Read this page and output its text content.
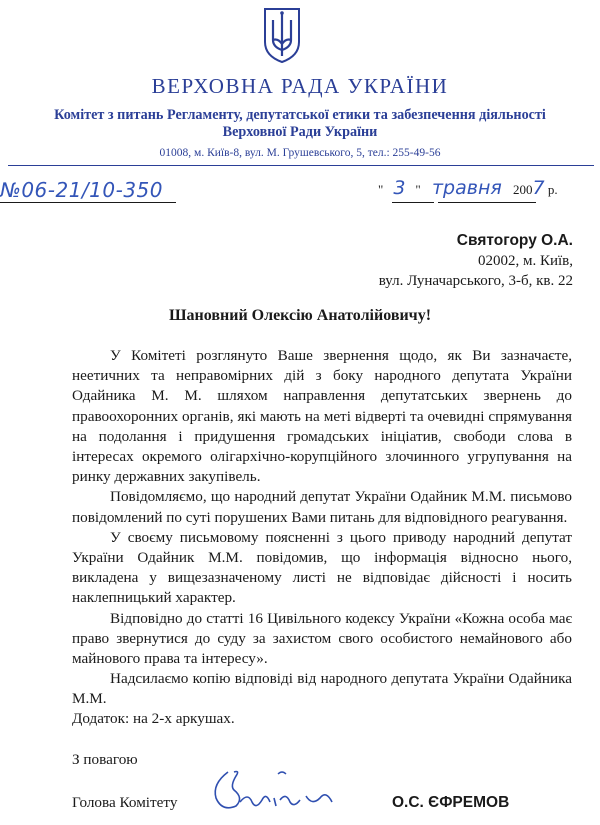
ВЕРХОВНА РАДА УКРАЇНИ
Комітет з питань Регламенту, депутатської етики та забезпечення діяльності
Верховної Ради України
01008, м. Київ-8, вул. М. Грушевського, 5, тел.: 255-49-56
№06-21/10-350	" 3 " травня 2007 р.
Святогору О.А.
02002, м. Київ,
вул. Луначарського, 3-б, кв. 22
Шановний Олексію Анатолійовичу!

У Комітеті розглянуто Ваше звернення щодо, як Ви зазначаєте, неетичних та неправомірних дій з боку народного депутата України Одайника М. М. шляхом направлення депутатських звернень до правоохоронних органів, які мають на меті відверті та очевидні спрямування на подолання і придушення громадських ініціатив, свободи слова в інтересах окремого олігархічно-корупційного злочинного угрупування на ринку державних закупівель.

Повідомляємо, що народний депутат України Одайник М.М. письмово повідомлений по суті порушених Вами питань для відповідного реагування.

У своєму письмовому поясненні з цього приводу народний депутат України Одайник М.М. повідомив, що інформація відносно нього, викладена у вищезазначеному листі не відповідає дійсності і носить наклепницький характер.

Відповідно до статті 16 Цивільного кодексу України «Кожна особа має право звернутися до суду за захистом свого особистого немайнового або майнового права та інтересу».

Надсилаємо копію відповіді від народного депутата України Одайника М.М.

Додаток: на 2-х аркушах.
З повагою
Голова Комітету	О.С. ЄФРЕМОВ
